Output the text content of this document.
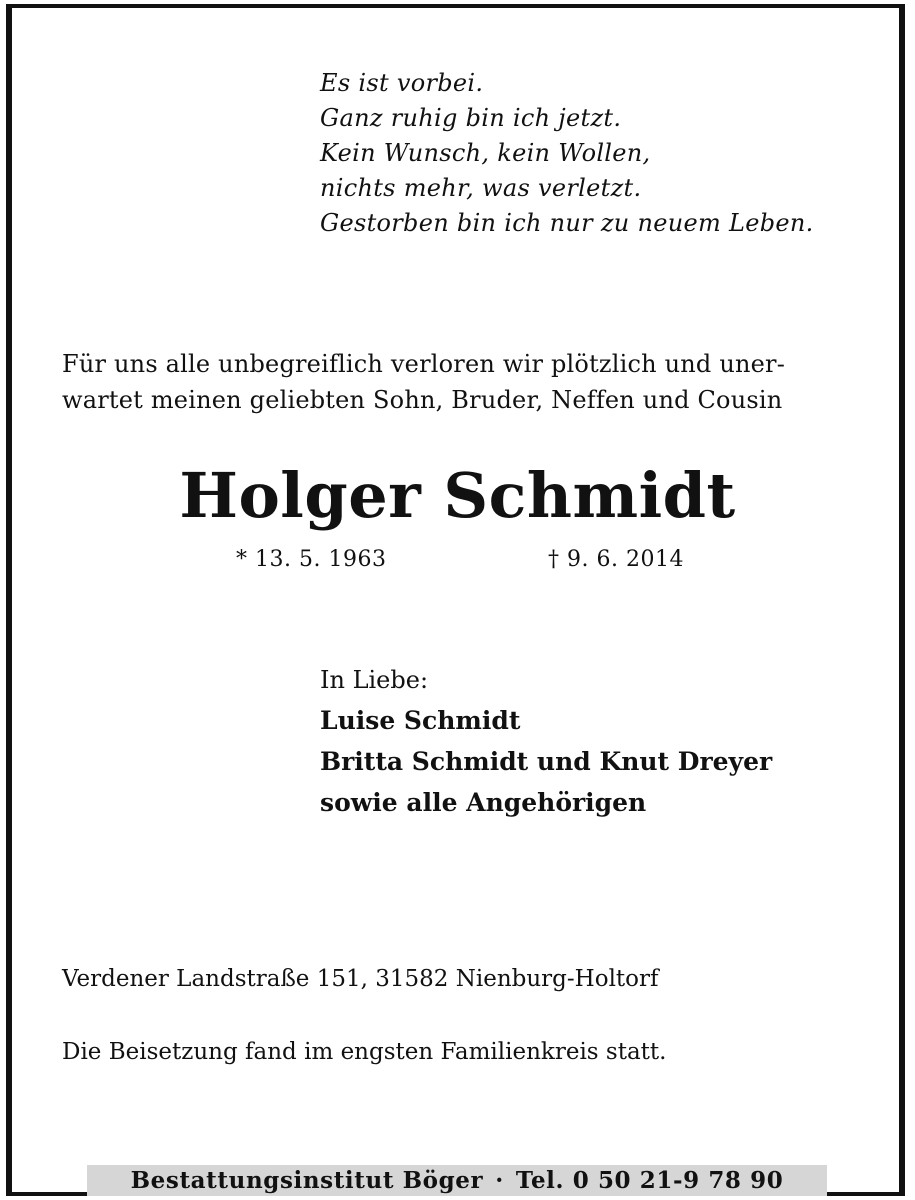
Es ist vorbei.
Ganz ruhig bin ich jetzt.
Kein Wunsch, kein Wollen,
nichts mehr, was verletzt.
Gestorben bin ich nur zu neuem Leben.
Für uns alle unbegreiflich verloren wir plötzlich und uner-
wartet meinen geliebten Sohn, Bruder, Neffen und Cousin
Holger Schmidt
* 13. 5. 1963	† 9. 6. 2014
In Liebe:
Luise Schmidt
Britta Schmidt und Knut Dreyer
sowie alle Angehörigen
Verdener Landstraße 151, 31582 Nienburg-Holtorf
Die Beisetzung fand im engsten Familienkreis statt.
Bestattungsinstitut Böger · Tel. 0 50 21-9 78 90
